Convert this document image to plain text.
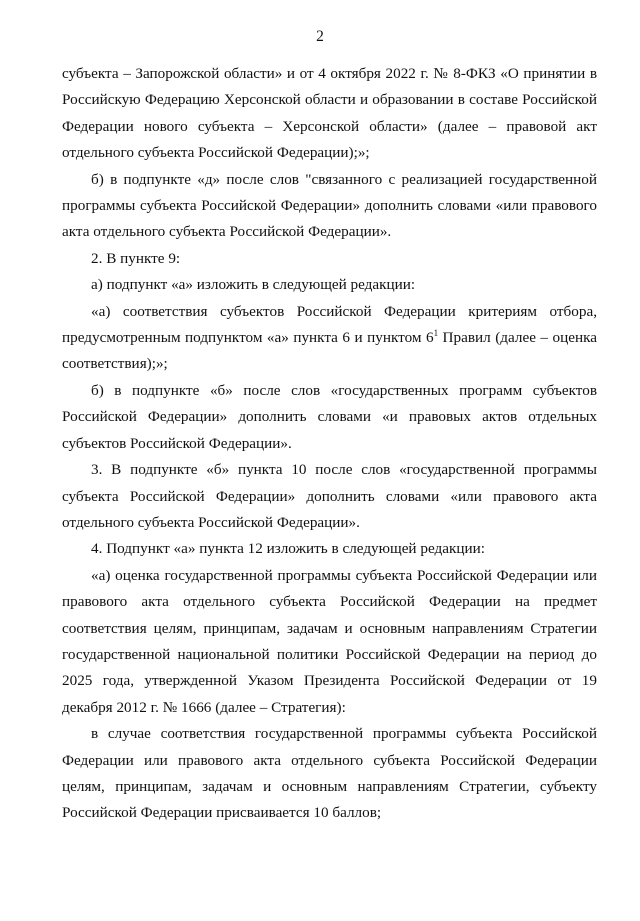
2

субъекта – Запорожской области» и от 4 октября 2022 г. № 8-ФКЗ «О принятии в Российскую Федерацию Херсонской области и образовании в составе Российской Федерации нового субъекта – Херсонской области» (далее – правовой акт отдельного субъекта Российской Федерации);»;

б) в подпункте «д» после слов "связанного с реализацией государственной программы субъекта Российской Федерации» дополнить словами «или правового акта отдельного субъекта Российской Федерации».

2. В пункте 9:

а) подпункт «а» изложить в следующей редакции:

«а) соответствия субъектов Российской Федерации критериям отбора, предусмотренным подпунктом «а» пункта 6 и пунктом $6^1$ Правил (далее – оценка соответствия);»;

б) в подпункте «б» после слов «государственных программ субъектов Российской Федерации» дополнить словами «и правовых актов отдельных субъектов Российской Федерации».

3. В подпункте «б» пункта 10 после слов «государственной программы субъекта Российской Федерации» дополнить словами «или правового акта отдельного субъекта Российской Федерации».

4. Подпункт «а» пункта 12 изложить в следующей редакции:

«а) оценка государственной программы субъекта Российской Федерации или правового акта отдельного субъекта Российской Федерации на предмет соответствия целям, принципам, задачам и основным направлениям Стратегии государственной национальной политики Российской Федерации на период до 2025 года, утвержденной Указом Президента Российской Федерации от 19 декабря 2012 г. № 1666 (далее – Стратегия):

в случае соответствия государственной программы субъекта Российской Федерации или правового акта отдельного субъекта Российской Федерации целям, принципам, задачам и основным направлениям Стратегии, субъекту Российской Федерации присваивается 10 баллов;
